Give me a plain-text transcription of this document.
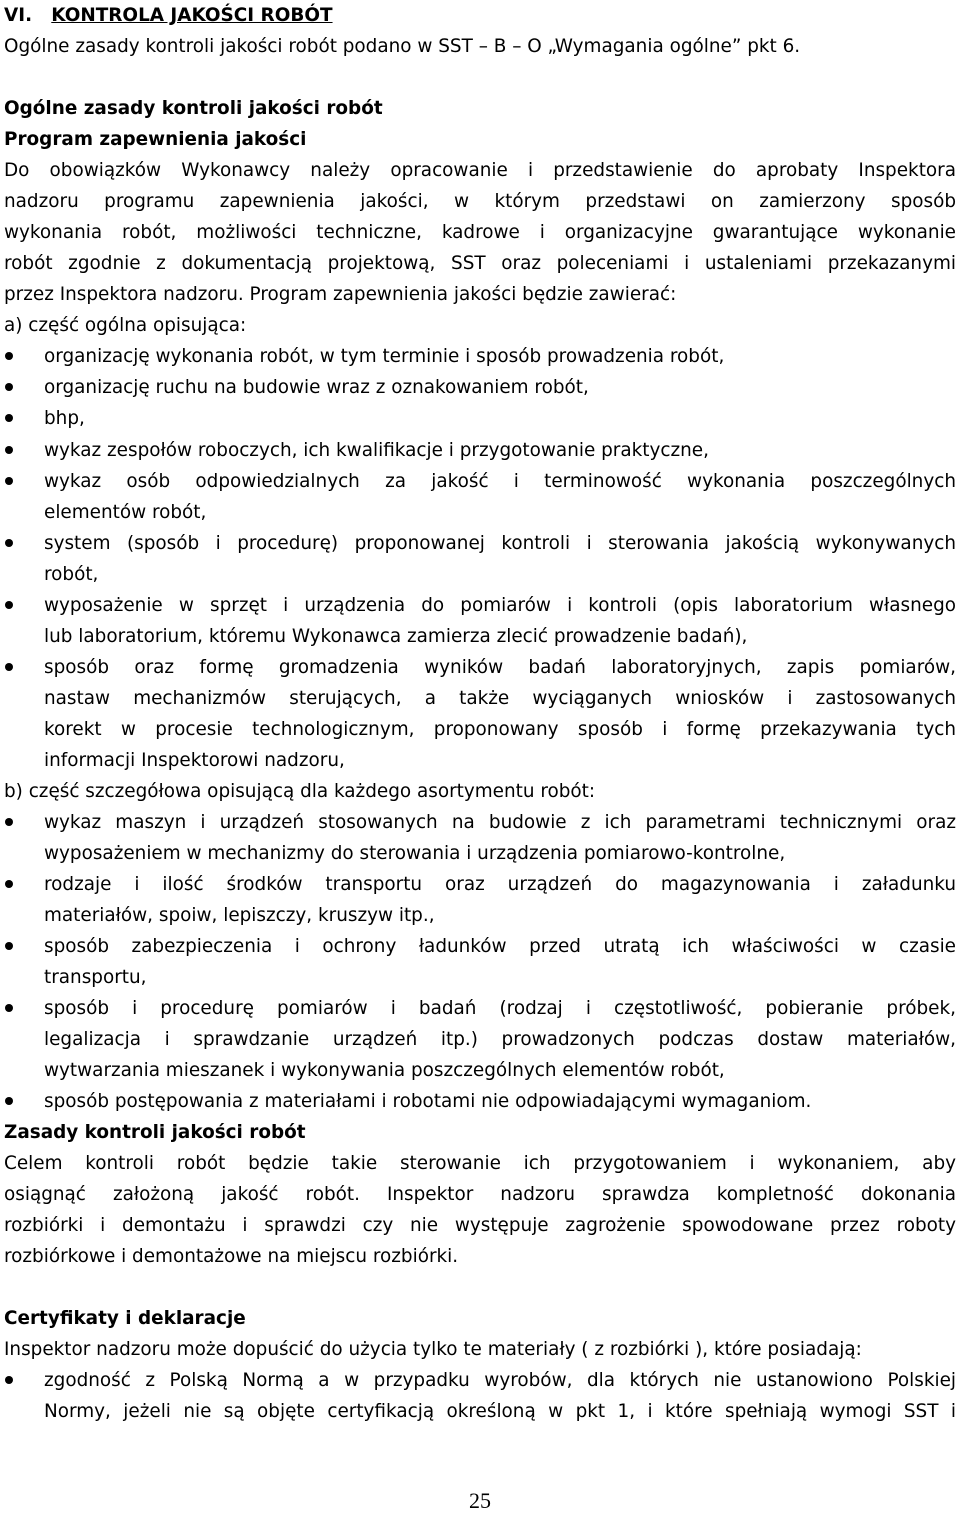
VI. KONTROLA JAKOŚCI ROBÓT
Ogólne zasady kontroli jakości robót podano w SST – B – O „Wymagania ogólne” pkt 6.
Ogólne zasady kontroli jakości robót
Program zapewnienia jakości
Do obowiązków Wykonawcy należy opracowanie i przedstawienie do aprobaty Inspektora
nadzoru programu zapewnienia jakości, w którym przedstawi on zamierzony sposób
wykonania robót, możliwości techniczne, kadrowe i organizacyjne gwarantujące wykonanie
robót zgodnie z dokumentacją projektową, SST oraz poleceniami i ustaleniami przekazanymi
przez Inspektora nadzoru. Program zapewnienia jakości będzie zawierać:
a) część ogólna opisująca:
organizację wykonania robót, w tym terminie i sposób prowadzenia robót,
organizację ruchu na budowie wraz z oznakowaniem robót,
bhp,
wykaz zespołów roboczych, ich kwalifikacje i przygotowanie praktyczne,
wykaz osób odpowiedzialnych za jakość i terminowość wykonania poszczególnych
elementów robót,
system (sposób i procedurę) proponowanej kontroli i sterowania jakością wykonywanych
robót,
wyposażenie w sprzęt i urządzenia do pomiarów i kontroli (opis laboratorium własnego
lub laboratorium, któremu Wykonawca zamierza zlecić prowadzenie badań),
sposób oraz formę gromadzenia wyników badań laboratoryjnych, zapis pomiarów,
nastaw mechanizmów sterujących, a także wyciąganych wniosków i zastosowanych
korekt w procesie technologicznym, proponowany sposób i formę przekazywania tych
informacji Inspektorowi nadzoru,
b) część szczegółowa opisującą dla każdego asortymentu robót:
wykaz maszyn i urządzeń stosowanych na budowie z ich parametrami technicznymi oraz
wyposażeniem w mechanizmy do sterowania i urządzenia pomiarowo-kontrolne,
rodzaje i ilość środków transportu oraz urządzeń do magazynowania i załadunku
materiałów, spoiw, lepiszczy, kruszyw itp.,
sposób zabezpieczenia i ochrony ładunków przed utratą ich właściwości w czasie
transportu,
sposób i procedurę pomiarów i badań (rodzaj i częstotliwość, pobieranie próbek,
legalizacja i sprawdzanie urządzeń itp.) prowadzonych podczas dostaw materiałów,
wytwarzania mieszanek i wykonywania poszczególnych elementów robót,
sposób postępowania z materiałami i robotami nie odpowiadającymi wymaganiom.
Zasady kontroli jakości robót
Celem kontroli robót będzie takie sterowanie ich przygotowaniem i wykonaniem, aby
osiągnąć założoną jakość robót. Inspektor nadzoru sprawdza kompletność dokonania
rozbiórki i demontażu i sprawdzi czy nie występuje zagrożenie spowodowane przez roboty
rozbiórkowe i demontażowe na miejscu rozbiórki.
Certyfikaty i deklaracje
Inspektor nadzoru może dopuścić do użycia tylko te materiały ( z rozbiórki ), które posiadają:
zgodność z Polską Normą a w przypadku wyrobów, dla których nie ustanowiono Polskiej
Normy, jeżeli nie są objęte certyfikacją określoną w pkt 1, i które spełniają wymogi SST i
25
